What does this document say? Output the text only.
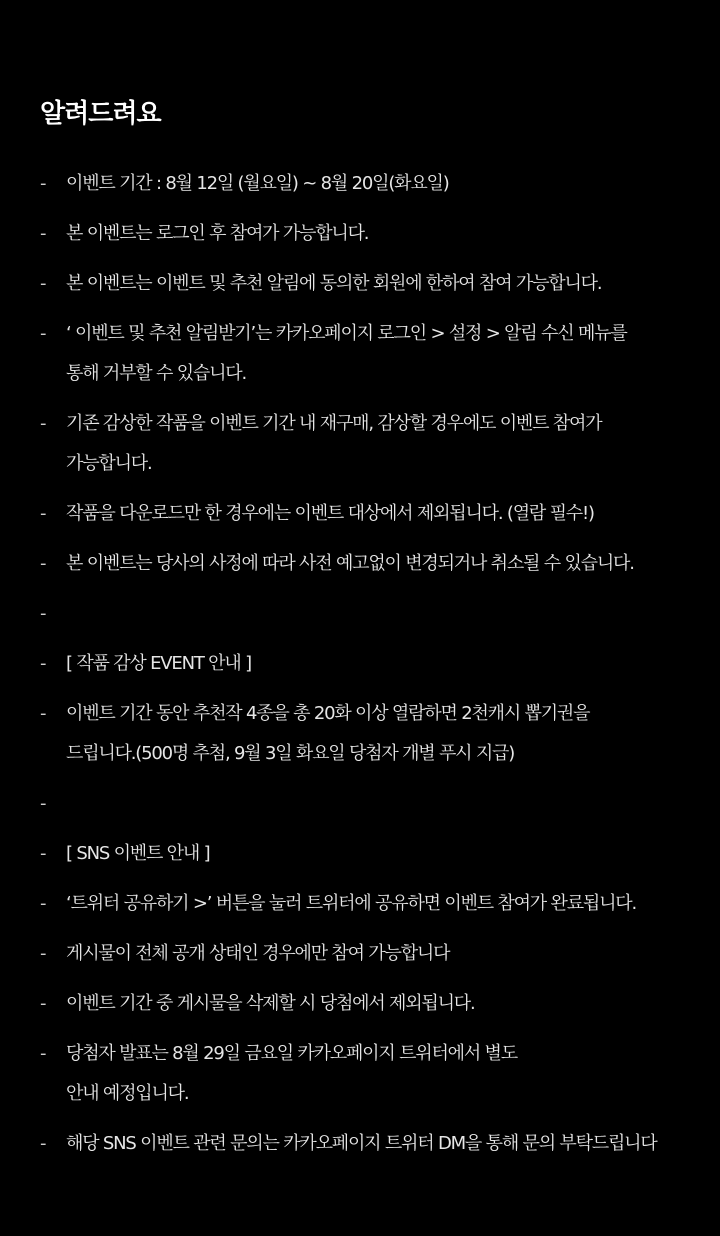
알려드려요
- 이벤트 기간 : 8월 12일 (월요일) ~ 8월 20일(화요일)
- 본 이벤트는 로그인 후 참여가 가능합니다.
- 본 이벤트는 이벤트 및 추천 알림에 동의한 회원에 한하여 참여 가능합니다.
- ‘ 이벤트 및 추천 알림받기’는 카카오페이지 로그인 > 설정 > 알림 수신 메뉴를
통해 거부할 수 있습니다.
- 기존 감상한 작품을 이벤트 기간 내 재구매, 감상할 경우에도 이벤트 참여가
가능합니다.
- 작품을 다운로드만 한 경우에는 이벤트 대상에서 제외됩니다. (열람 필수!)
- 본 이벤트는 당사의 사정에 따라 사전 예고없이 변경되거나 취소될 수 있습니다.
-

- [ 작품 감상 EVENT 안내 ]
- 이벤트 기간 동안 추천작 4종을 총 20화 이상 열람하면 2천캐시 뽑기권을
드립니다.(500명 추첨, 9월 3일 화요일 당첨자 개별 푸시 지급)
-

- [ SNS 이벤트 안내 ]
- ‘트위터 공유하기 >’ 버튼을 눌러 트위터에 공유하면 이벤트 참여가 완료됩니다.
- 게시물이 전체 공개 상태인 경우에만 참여 가능합니다
- 이벤트 기간 중 게시물을 삭제할 시 당첨에서 제외됩니다.
- 당첨자 발표는 8월 29일 금요일 카카오페이지 트위터에서 별도
안내 예정입니다.
- 해당 SNS 이벤트 관련 문의는 카카오페이지 트위터 DM을 통해 문의 부탁드립니다
